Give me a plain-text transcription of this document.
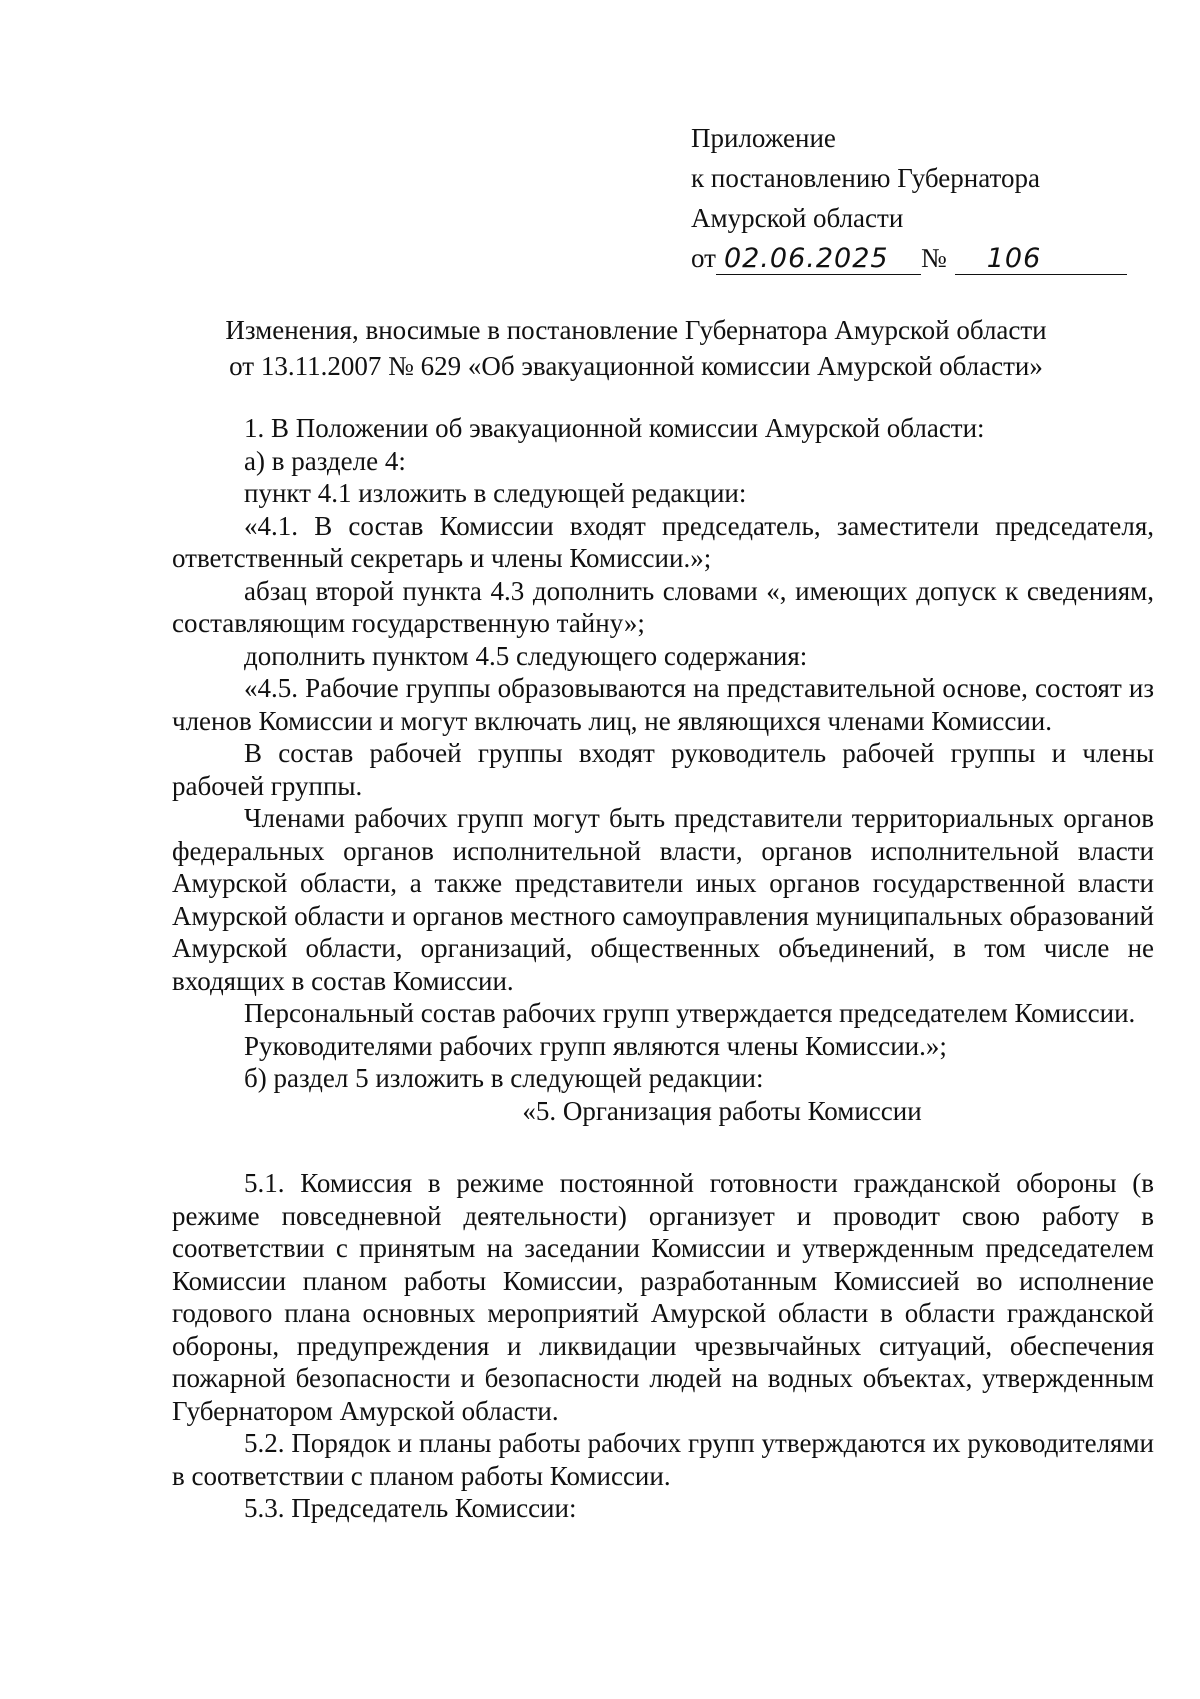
Приложение
к постановлению Губернатора
Амурской области
от 02.06.2025 № 106
Изменения, вносимые в постановление Губернатора Амурской области
от 13.11.2007 № 629 «Об эвакуационной комиссии Амурской области»

1. В Положении об эвакуационной комиссии Амурской области:

а) в разделе 4:

пункт 4.1 изложить в следующей редакции:

«4.1. В состав Комиссии входят председатель, заместители председателя, ответственный секретарь и члены Комиссии.»;

абзац второй пункта 4.3 дополнить словами «, имеющих допуск к сведениям, составляющим государственную тайну»;

дополнить пунктом 4.5 следующего содержания:

«4.5. Рабочие группы образовываются на представительной основе, состоят из членов Комиссии и могут включать лиц, не являющихся членами Комиссии.

В состав рабочей группы входят руководитель рабочей группы и члены рабочей группы.

Членами рабочих групп могут быть представители территориальных органов федеральных органов исполнительной власти, органов исполнительной власти Амурской области, а также представители иных органов государственной власти Амурской области и органов местного самоуправления муниципальных образований Амурской области, организаций, общественных объединений, в том числе не входящих в состав Комиссии.

Персональный состав рабочих групп утверждается председателем Комиссии.

Руководителями рабочих групп являются члены Комиссии.»;

б) раздел 5 изложить в следующей редакции:

«5. Организация работы Комиссии

5.1. Комиссия в режиме постоянной готовности гражданской обороны (в режиме повседневной деятельности) организует и проводит свою работу в соответствии с принятым на заседании Комиссии и утвержденным председателем Комиссии планом работы Комиссии, разработанным Комиссией во исполнение годового плана основных мероприятий Амурской области в области гражданской обороны, предупреждения и ликвидации чрезвычайных ситуаций, обеспечения пожарной безопасности и безопасности людей на водных объектах, утвержденным Губернатором Амурской области.

5.2. Порядок и планы работы рабочих групп утверждаются их руководителями в соответствии с планом работы Комиссии.

5.3. Председатель Комиссии:
